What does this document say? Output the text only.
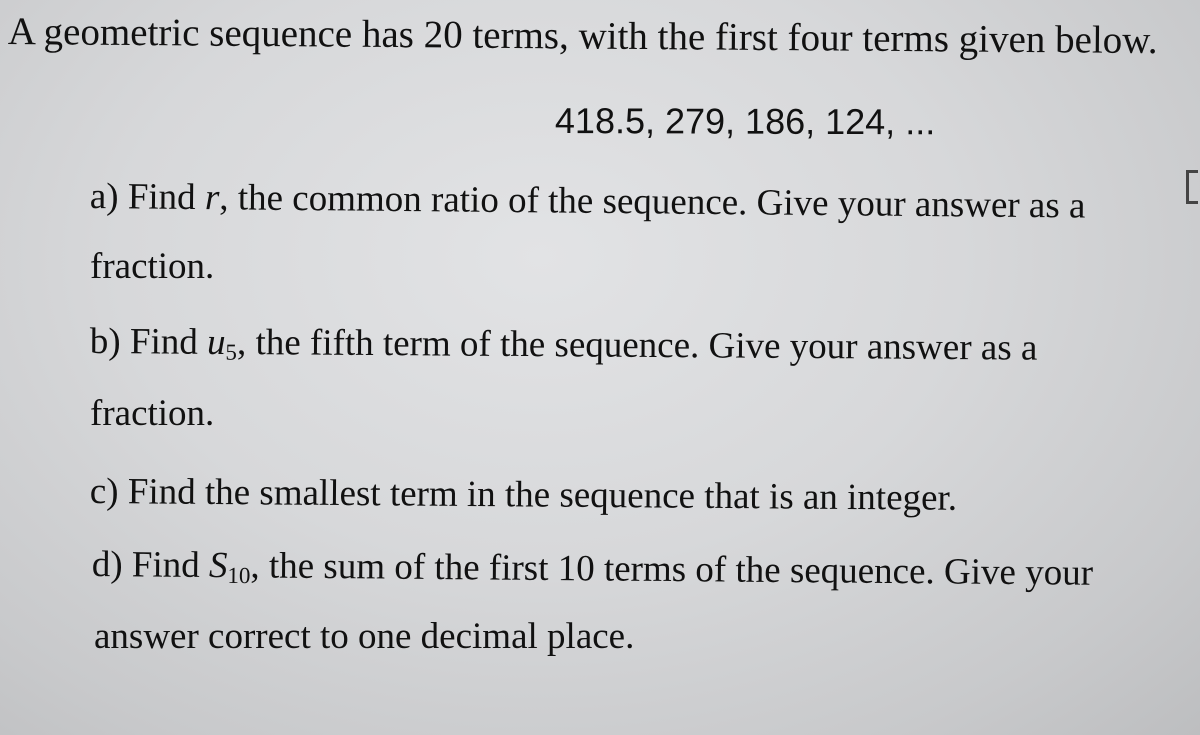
A geometric sequence has 20 terms, with the first four terms given below.
418.5, 279, 186, 124, ...
a) Find r, the common ratio of the sequence. Give your answer as a
fraction.
b) Find $u_5$, the fifth term of the sequence. Give your answer as a
fraction.
c) Find the smallest term in the sequence that is an integer.
d) Find $S_{10}$, the sum of the first 10 terms of the sequence. Give your
answer correct to one decimal place.
